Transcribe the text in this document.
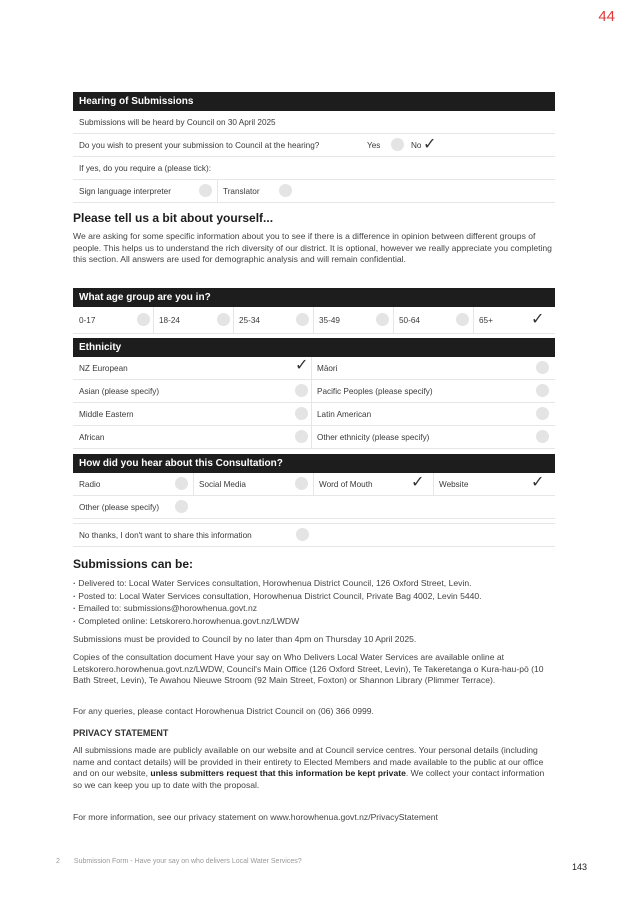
44
Hearing of Submissions
Submissions will be heard by Council on 30 April 2025
Do you wish to present your submission to Council at the hearing?	Yes	No ✓
If yes, do you require a (please tick):
Sign language interpreter	Translator
Please tell us a bit about yourself...

We are asking for some specific information about you to see if there is a difference in opinion between different groups of people. This helps us to understand the rich diversity of our district. It is optional, however we really appreciate you completing this section. All answers are used for demographic analysis and will remain confidential.

What age group are you in?
0-17	18-24	25-34	35-49	50-64	65+ ✓
Ethnicity
NZ European	✓ Māori
Asian (please specify)	Pacific Peoples (please specify)
Middle Eastern	Latin American
African	Other ethnicity (please specify)
How did you hear about this Consultation?
Radio	Social Media	Word of Mouth ✓ Website	✓
Other (please specify)
No thanks, I don't want to share this information
Submissions can be:
· Delivered to: Local Water Services consultation, Horowhenua District Council, 126 Oxford Street, Levin.
· Posted to: Local Water Services consultation, Horowhenua District Council, Private Bag 4002, Levin 5440.
· Emailed to: submissions@horowhenua.govt.nz
· Completed online: Letskorero.horowhenua.govt.nz/LWDW

Submissions must be provided to Council by no later than 4pm on Thursday 10 April 2025.

Copies of the consultation document Have your say on Who Delivers Local Water Services are available online at Letskorero.horowhenua.govt.nz/LWDW, Council's Main Office (126 Oxford Street, Levin), Te Takeretanga o Kura-hau-pō (10 Bath Street, Levin), Te Awahou Nieuwe Stroom (92 Main Street, Foxton) or Shannon Library (Plimmer Terrace).

For any queries, please contact Horowhenua District Council on (06) 366 0999.

PRIVACY STATEMENT

All submissions made are publicly available on our website and at Council service centres. Your personal details (including name and contact details) will be provided in their entirety to Elected Members and made available to the public at our office and on our website, unless submitters request that this information be kept private. We collect your contact information so we can keep you up to date with the proposal.

For more information, see our privacy statement on www.horowhenua.govt.nz/PrivacyStatement

2 Submission Form - Have your say on who delivers Local Water Services?
143
